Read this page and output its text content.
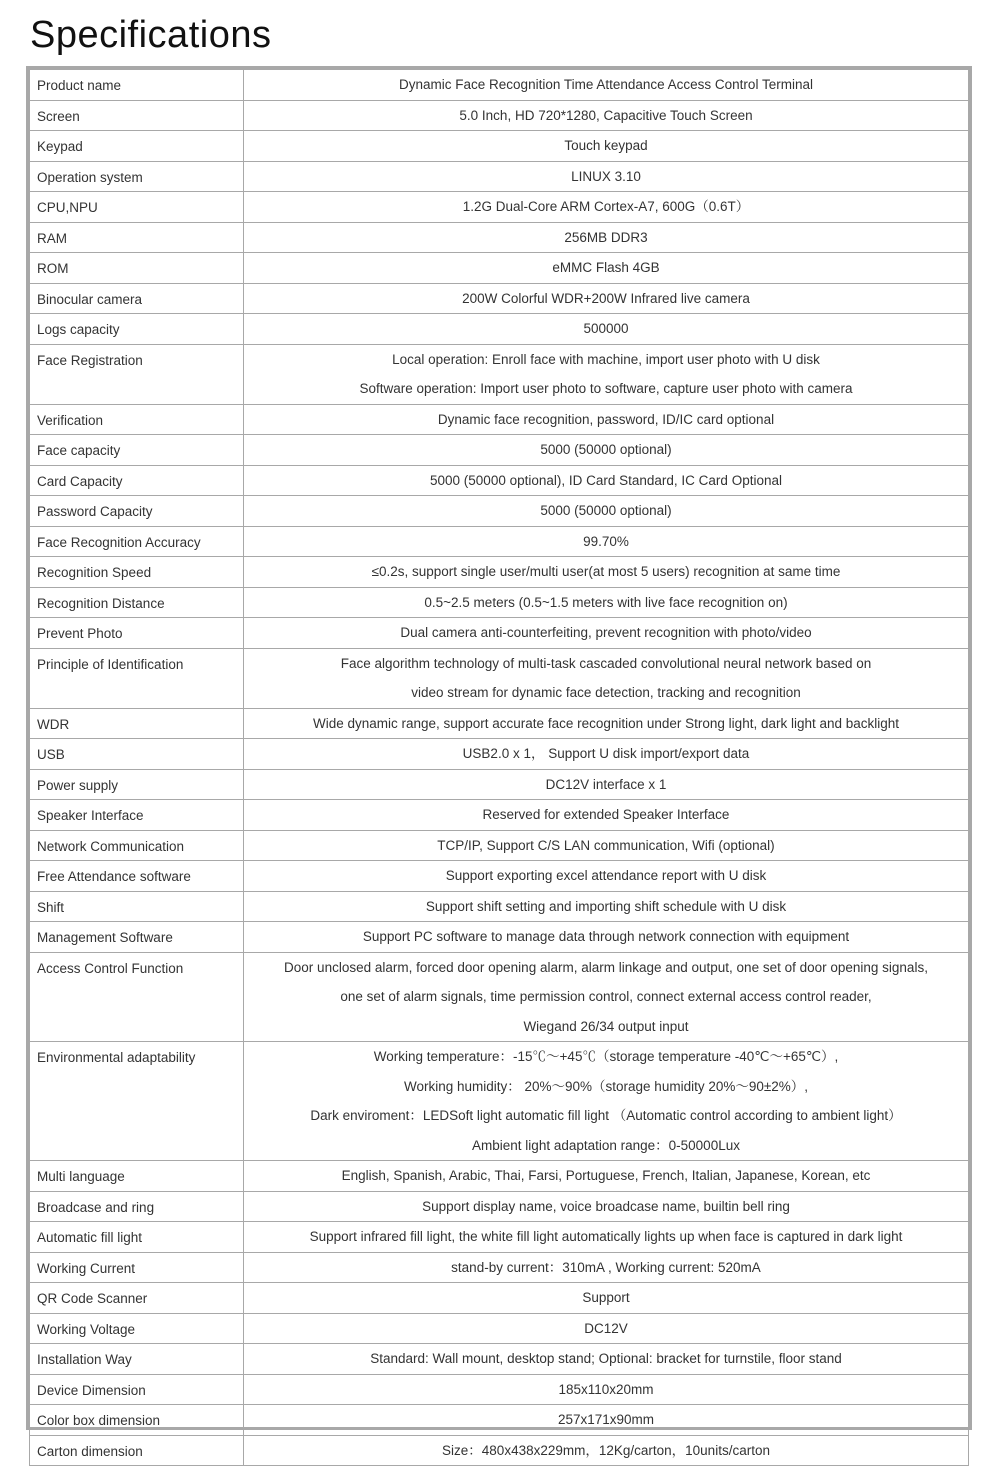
Specifications
Product name	Dynamic Face Recognition Time Attendance Access Control Terminal

Screen	5.0 Inch, HD 720*1280, Capacitive Touch Screen

Keypad	Touch keypad

Operation system	LINUX 3.10

CPU,NPU	1.2G Dual-Core ARM Cortex-A7, 600G（0.6T）

RAM	256MB DDR3

ROM	eMMC Flash 4GB

Binocular camera	200W Colorful WDR+200W Infrared live camera

Logs capacity	500000

Face Registration	Local operation: Enroll face with machine, import user photo with U disk
Software operation: Import user photo to software, capture user photo with camera

Verification	Dynamic face recognition, password, ID/IC card optional

Face capacity	5000 (50000 optional)

Card Capacity	5000 (50000 optional), ID Card Standard, IC Card Optional

Password Capacity	5000 (50000 optional)

Face Recognition Accuracy	99.70%

Recognition Speed	≤0.2s, support single user/multi user(at most 5 users) recognition at same time

Recognition Distance	0.5~2.5 meters (0.5~1.5 meters with live face recognition on)

Prevent Photo	Dual camera anti-counterfeiting, prevent recognition with photo/video

Principle of Identification	Face algorithm technology of multi-task cascaded convolutional neural network based on
video stream for dynamic face detection, tracking and recognition

WDR	Wide dynamic range, support accurate face recognition under Strong light, dark light and backlight

USB	USB2.0 x 1， Support U disk import/export data

Power supply	DC12V interface x 1

Speaker Interface	Reserved for extended Speaker Interface

Network Communication	TCP/IP, Support C/S LAN communication, Wifi (optional)

Free Attendance software	Support exporting excel attendance report with U disk

Shift	Support shift setting and importing shift schedule with U disk

Management Software	Support PC software to manage data through network connection with equipment

Access Control Function	Door unclosed alarm, forced door opening alarm, alarm linkage and output, one set of door opening signals,
one set of alarm signals, time permission control, connect external access control reader,
Wiegand 26/34 output input

Environmental adaptability	Working temperature：-15℃～+45℃（storage temperature -40℃～+65℃）,
Working humidity： 20%～90%（storage humidity 20%～90±2%）,
Dark enviroment：LEDSoft light automatic fill light （Automatic control according to ambient light）
Ambient light adaptation range：0-50000Lux

Multi language	English, Spanish, Arabic, Thai, Farsi, Portuguese, French, Italian, Japanese, Korean, etc

Broadcase and ring	Support display name, voice broadcase name, builtin bell ring

Automatic fill light	Support infrared fill light, the white fill light automatically lights up when face is captured in dark light

Working Current	stand-by current：310mA , Working current: 520mA

QR Code Scanner	Support

Working Voltage	DC12V

Installation Way	Standard: Wall mount, desktop stand; Optional: bracket for turnstile, floor stand

Device Dimension	185x110x20mm

Color box dimension	257x171x90mm

Carton dimension	Size：480x438x229mm，12Kg/carton，10units/carton
